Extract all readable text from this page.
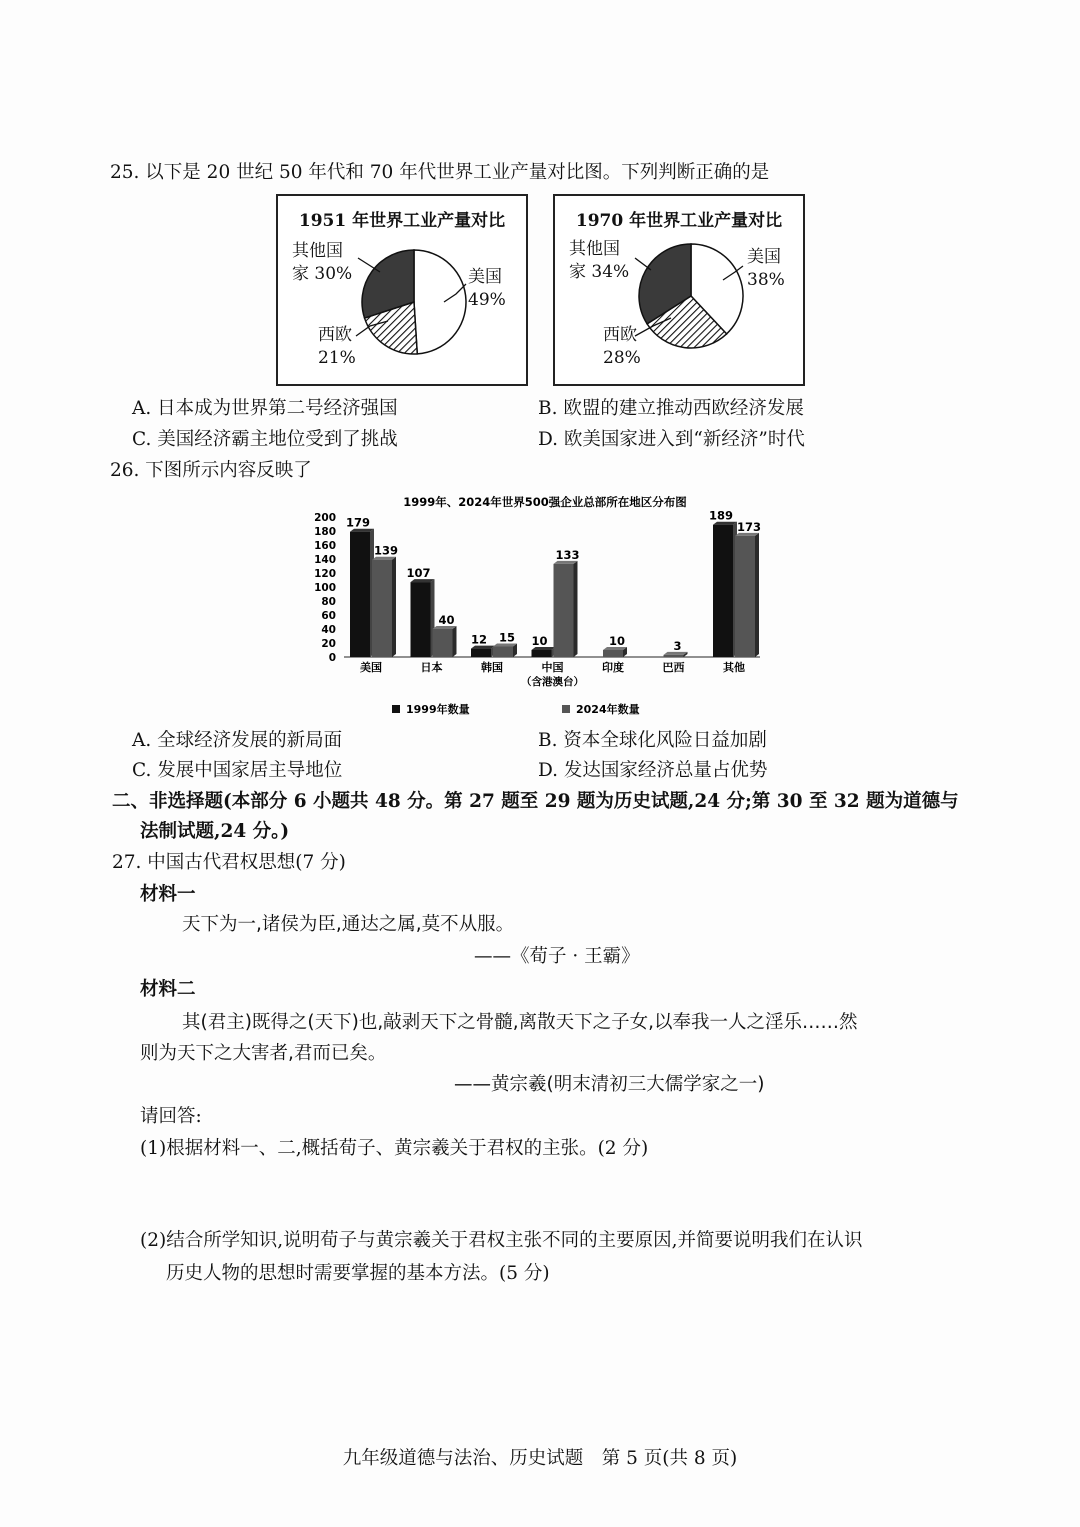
25. 以下是 20 世纪 50 年代和 70 年代世界工业产量对比图。下列判断正确的是
1951 年世界工业产量对比
其他国
家 30%	美国
49%
西欧
21%
1970 年世界工业产量对比
其他国
家 34%
美国
38%
西欧
28%
A. 日本成为世界第二号经济强国	B. 欧盟的建立推动西欧经济发展
C. 美国经济霸主地位受到了挑战	D. 欧美国家进入到“新经济”时代
26. 下图所示内容反映了
1999年、2024年世界500强企业总部所在地区分布图
0
20
40
60
80
100
120
140
160
180
200 179
139
107
40
12 15 10
133
10	3
189
173
美国	日本	韩国	中国
（含港澳台）
印度	巴西	其他
1999年数量	2024年数量
A. 全球经济发展的新局面	B. 资本全球化风险日益加剧
C. 发展中国家居主导地位	D. 发达国家经济总量占优势
二、非选择题(本部分 6 小题共 48 分。第 27 题至 29 题为历史试题,24 分;第 30 至 32 题为道德与
法制试题,24 分。)
27. 中国古代君权思想(7 分)
材料一
天下为一,诸侯为臣,通达之属,莫不从服。
——《荀子 · 王霸》
材料二
其(君主)既得之(天下)也,敲剥天下之骨髓,离散天下之子女,以奉我一人之淫乐……然
则为天下之大害者,君而已矣。
——黄宗羲(明末清初三大儒学家之一)
请回答:
(1)根据材料一、二,概括荀子、黄宗羲关于君权的主张。(2 分)
(2)结合所学知识,说明荀子与黄宗羲关于君权主张不同的主要原因,并简要说明我们在认识
历史人物的思想时需要掌握的基本方法。(5 分)
九年级道德与法治、历史试题　第 5 页(共 8 页)
